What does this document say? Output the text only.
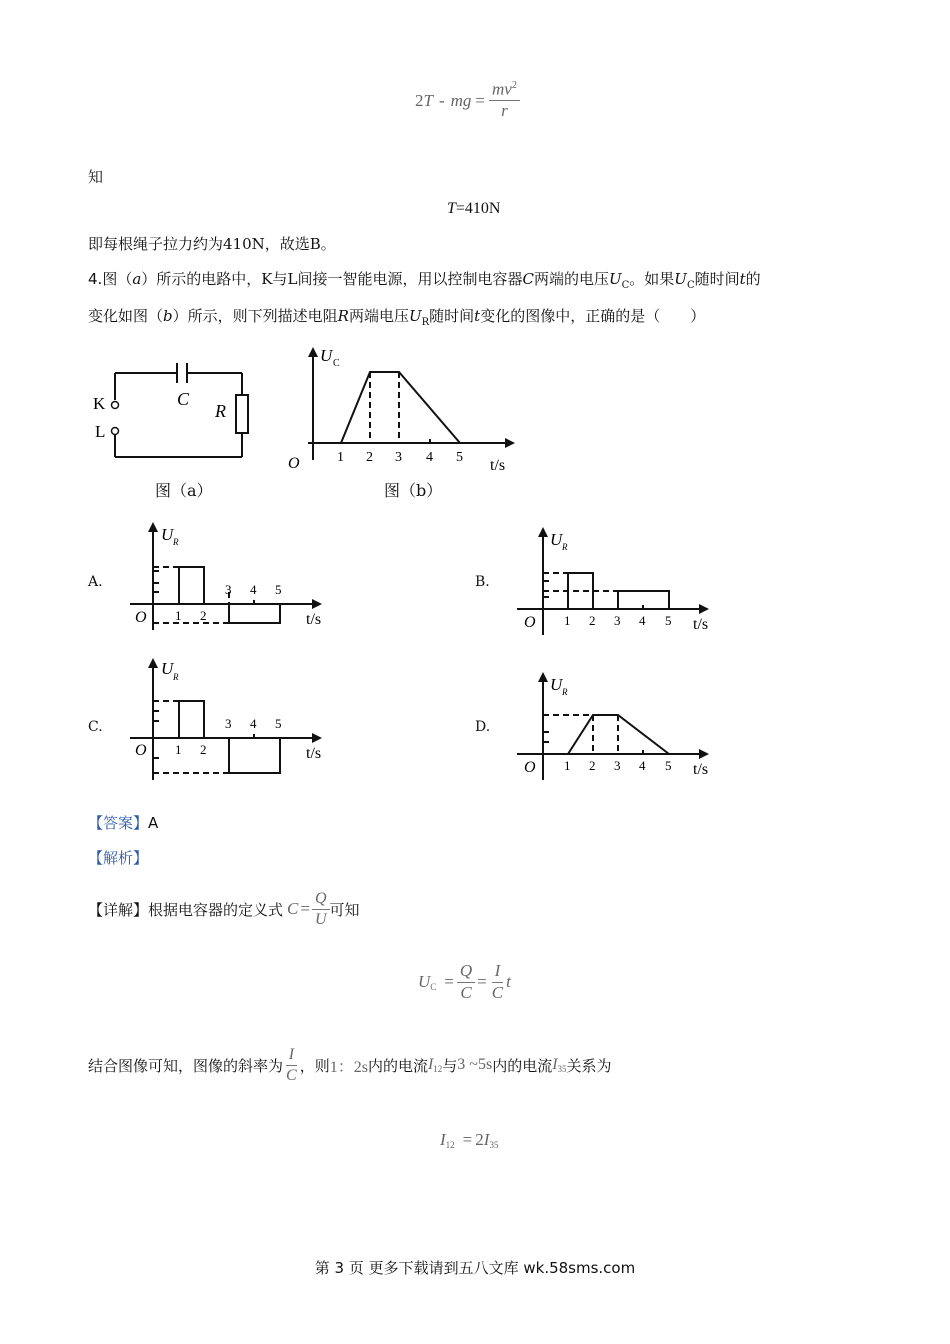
2 T - mg = $\frac{mv^2}{r}$
知
T=410N
即每根绳子拉力约为410N，故选B。
4.图（a）所示的电路中，K与L间接一智能电源，用以控制电容器C两端的电压$U_C$。如果$U_C$随时间t的
变化如图（b）所示，则下列描述电阻R两端电压$U_R$随时间t变化的图像中，正确的是（　　）
K
L
C
R
图（a）
U C
O	1 2 3 4 5 t/s
图（b）
A.
U R
O 1 2
3 4 5
t/s
B.
U R
O 1 2 3 4 5 t/s
C.
U R
O 1 2
3 4 5
t/s
D.
U R
O 1 2 3 4 5 t/s
【答案】A
【解析】
【详解】 根据电容器的定义式 $C = \frac{Q}{U}$ 可知
$U_C = \frac{Q}{C} = \frac{I}{C}$ t
结合图像可知，图像的斜率为 $\frac{I}{C}$ ，则 1：2s 内的电流 $I_{12}$ 与 3 ~5s 内的电流 $I_{35}$ 关系为
$I_{12} = 2$ $I_{35}$
第 3 页 更多下载请到五八文库 wk.58sms.com
